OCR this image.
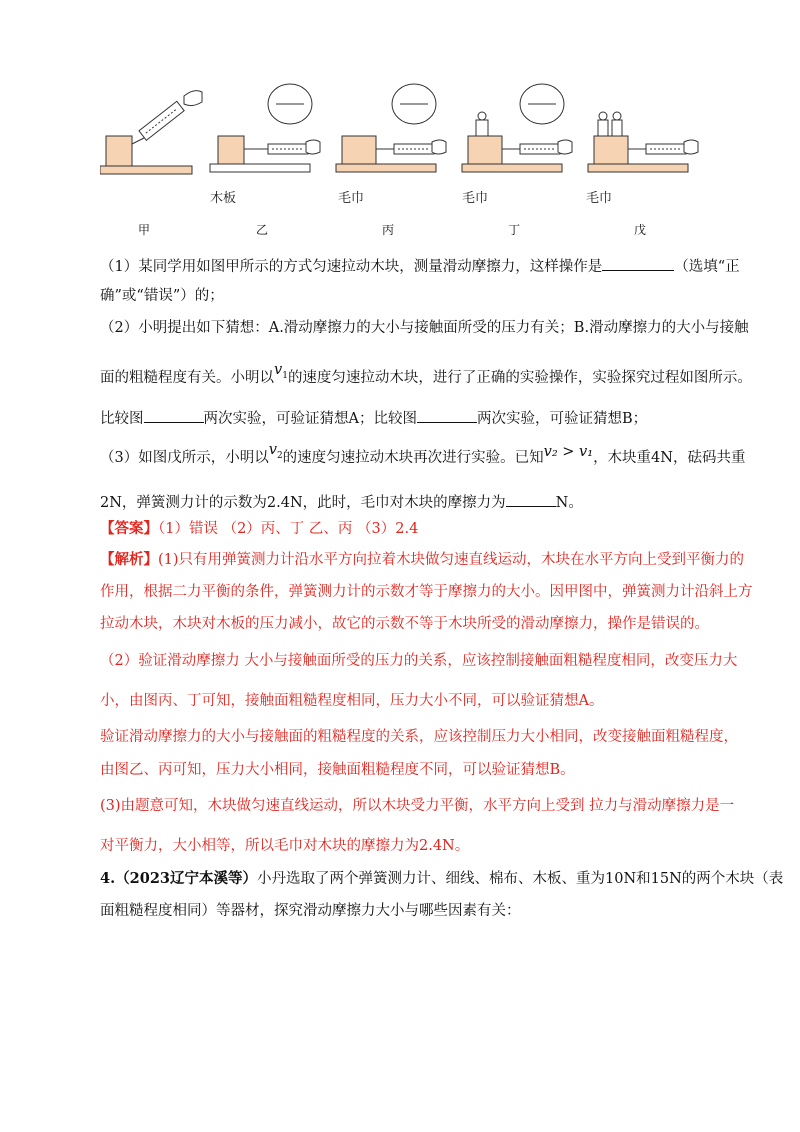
木板	毛巾	毛巾	毛巾
甲	乙	丙	丁	戊
（1）某同学用如图甲所示的方式匀速拉动木块，测量滑动摩擦力，这样操作是	（选填“正
确”或“错误”）的；
（2）小明提出如下猜想：A.滑动摩擦力的大小与接触面所受的压力有关；B.滑动摩擦力的大小与接触
面的粗糙程度有关。小明以$v_1$的速度匀速拉动木块，进行了正确的实验操作，实验探究过程如图所示。
比较图	两次实验，可验证猜想A；比较图	两次实验，可验证猜想B；
（3）如图戊所示，小明以$v_2$的速度匀速拉动木块再次进行实验。已知v₂ > v₁，木块重4N，砝码共重
2N，弹簧测力计的示数为2.4N，此时，毛巾对木块的摩擦力为	N。
【答案】（1）错误 （2）丙、丁 乙、丙 （3）2.4
【解析】(1)只有用弹簧测力计沿水平方向拉着木块做匀速直线运动，木块在水平方向上受到平衡力的
作用，根据二力平衡的条件，弹簧测力计的示数才等于摩擦力的大小。因甲图中，弹簧测力计沿斜上方
拉动木块，木块对木板的压力减小，故它的示数不等于木块所受的滑动摩擦力，操作是错误的。
（2）验证滑动摩擦力 大小与接触面所受的压力的关系，应该控制接触面粗糙程度相同，改变压力大
小，由图丙、丁可知，接触面粗糙程度相同，压力大小不同，可以验证猜想A。
验证滑动摩擦力的大小与接触面的粗糙程度的关系，应该控制压力大小相同，改变接触面粗糙程度，
由图乙、丙可知，压力大小相同，接触面粗糙程度不同，可以验证猜想B。
(3)由题意可知，木块做匀速直线运动，所以木块受力平衡，水平方向上受到 拉力与滑动摩擦力是一
对平衡力，大小相等，所以毛巾对木块的摩擦力为2.4N。
4.（2023辽宁本溪等）小丹选取了两个弹簧测力计、细线、棉布、木板、重为10N和15N的两个木块（表
面粗糙程度相同）等器材，探究滑动摩擦力大小与哪些因素有关：
